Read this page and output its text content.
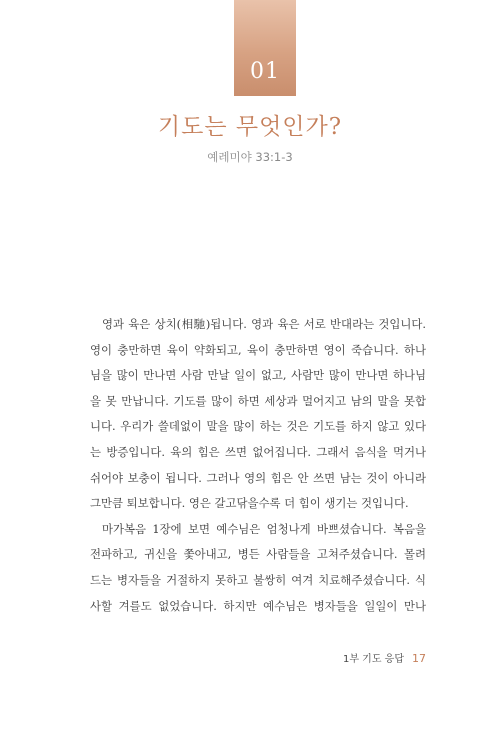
01
기도는 무엇인가?
예레미야 33:1-3
영과 육은 상치(相馳)됩니다. 영과 육은 서로 반대라는 것입니다.
영이 충만하면 육이 약화되고, 육이 충만하면 영이 죽습니다. 하나
님을 많이 만나면 사람 만날 일이 없고, 사람만 많이 만나면 하나님
을 못 만납니다. 기도를 많이 하면 세상과 멀어지고 남의 말을 못합
니다. 우리가 쓸데없이 말을 많이 하는 것은 기도를 하지 않고 있다
는 방증입니다. 육의 힘은 쓰면 없어집니다. 그래서 음식을 먹거나
쉬어야 보충이 됩니다. 그러나 영의 힘은 안 쓰면 남는 것이 아니라
그만큼 퇴보합니다. 영은 갈고닦을수록 더 힘이 생기는 것입니다.
마가복음 1장에 보면 예수님은 엄청나게 바쁘셨습니다. 복음을
전파하고, 귀신을 쫓아내고, 병든 사람들을 고쳐주셨습니다. 몰려
드는 병자들을 거절하지 못하고 불쌍히 여겨 치료해주셨습니다. 식
사할 겨를도 없었습니다. 하지만 예수님은 병자들을 일일이 만나
1부 기도 응답 17
